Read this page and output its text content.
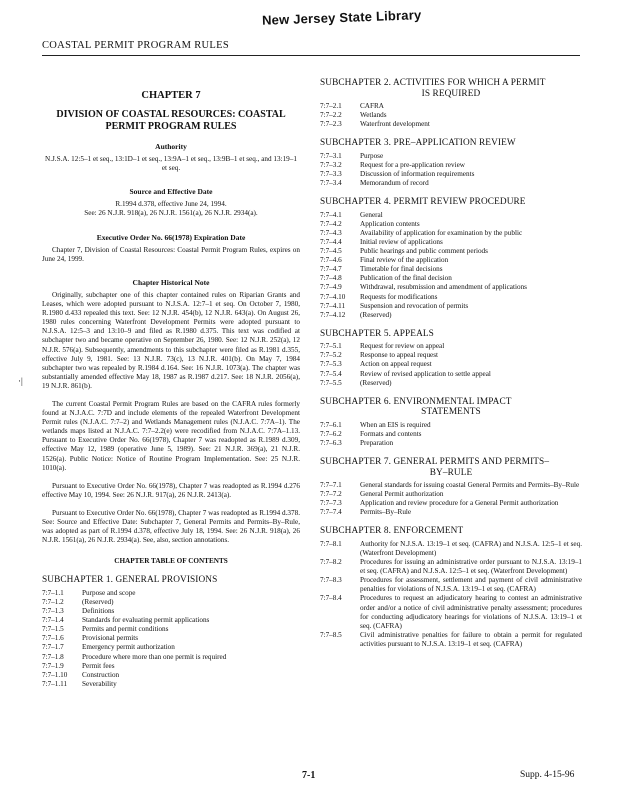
New Jersey State Library
COASTAL PERMIT PROGRAM RULES
·|
CHAPTER 7
DIVISION OF COASTAL RESOURCES: COASTAL PERMIT PROGRAM RULES
Authority
N.J.S.A. 12:5–1 et seq., 13:1D–1 et seq., 13:9A–1 et seq., 13:9B–1 et seq., and 13:19–1 et seq.
Source and Effective Date
R.1994 d.378, effective June 24, 1994.
See: 26 N.J.R. 918(a), 26 N.J.R. 1561(a), 26 N.J.R. 2934(a).
Executive Order No. 66(1978) Expiration Date

Chapter 7, Division of Coastal Resources: Coastal Permit Program Rules, expires on June 24, 1999.

Chapter Historical Note

Originally, subchapter one of this chapter contained rules on Riparian Grants and Leases, which were adopted pursuant to N.J.S.A. 12:7–1 et seq. On October 7, 1980, R.1980 d.433 repealed this text. See: 12 N.J.R. 454(b), 12 N.J.R. 643(a). On August 26, 1980 rules concerning Waterfront Development Permits were adopted pursuant to N.J.S.A. 12:5–3 and 13:10–9 and filed as R.1980 d.375. This text was codified at subchapter two and became operative on September 26, 1980. See: 12 N.J.R. 252(a), 12 N.J.R. 576(a). Subsequently, amendments to this subchapter were filed as R.1981 d.355, effective July 9, 1981. See: 13 N.J.R. 73(c), 13 N.J.R. 401(b). On May 7, 1984 subchapter two was repealed by R.1984 d.164. See: 16 N.J.R. 1073(a). The chapter was substantially amended effective May 18, 1987 as R.1987 d.217. See: 18 N.J.R. 2056(a), 19 N.J.R. 861(b).

The current Coastal Permit Program Rules are based on the CAFRA rules formerly found at N.J.A.C. 7:7D and include elements of the repealed Waterfront Development Permit rules (N.J.A.C. 7:7–2) and Wetlands Management rules (N.J.A.C. 7:7A–1). The wetlands maps listed at N.J.A.C. 7:7–2.2(e) were recodified from N.J.A.C. 7:7A–1.13. Pursuant to Executive Order No. 66(1978), Chapter 7 was readopted as R.1989 d.309, effective May 12, 1989 (operative June 5, 1989). See: 21 N.J.R. 369(a), 21 N.J.R. 1526(a). Public Notice: Notice of Routine Program Implementation. See: 25 N.J.R. 1010(a).

Pursuant to Executive Order No. 66(1978), Chapter 7 was readopted as R.1994 d.276 effective May 10, 1994. See: 26 N.J.R. 917(a), 26 N.J.R. 2413(a).

Pursuant to Executive Order No. 66(1978), Chapter 7 was readopted as R.1994 d.378. See: Source and Effective Date: Subchapter 7, General Permits and Permits–By–Rule, was adopted as part of R.1994 d.378, effective July 18, 1994. See: 26 N.J.R. 918(a), 26 N.J.R. 1561(a), 26 N.J.R. 2934(a). See, also, section annotations.

CHAPTER TABLE OF CONTENTS
SUBCHAPTER 1. GENERAL PROVISIONS
7:7–1.1	Purpose and scope
7:7–1.2	(Reserved)
7:7–1.3	Definitions
7:7–1.4	Standards for evaluating permit applications
7:7–1.5	Permits and permit conditions
7:7–1.6	Provisional permits
7:7–1.7	Emergency permit authorization
7:7–1.8	Procedure where more than one permit is required
7:7–1.9	Permit fees
7:7–1.10	Construction
7:7–1.11	Severability
SUBCHAPTER 2. ACTIVITIES FOR WHICH A PERMIT
IS REQUIRED
7:7–2.1	CAFRA
7:7–2.2	Wetlands
7:7–2.3	Waterfront development
SUBCHAPTER 3. PRE–APPLICATION REVIEW
7:7–3.1	Purpose
7:7–3.2	Request for a pre-application review
7:7–3.3	Discussion of information requirements
7:7–3.4	Memorandum of record
SUBCHAPTER 4. PERMIT REVIEW PROCEDURE
7:7–4.1	General
7:7–4.2	Application contents
7:7–4.3	Availability of application for examination by the public
7:7–4.4	Initial review of applications
7:7–4.5	Public hearings and public comment periods
7:7–4.6	Final review of the application
7:7–4.7	Timetable for final decisions
7:7–4.8	Publication of the final decision
7:7–4.9	Withdrawal, resubmission and amendment of applications
7:7–4.10	Requests for modifications
7:7–4.11	Suspension and revocation of permits
7:7–4.12	(Reserved)
SUBCHAPTER 5. APPEALS
7:7–5.1	Request for review on appeal
7:7–5.2	Response to appeal request
7:7–5.3	Action on appeal request
7:7–5.4	Review of revised application to settle appeal
7:7–5.5	(Reserved)
SUBCHAPTER 6. ENVIRONMENTAL IMPACT
STATEMENTS
7:7–6.1	When an EIS is required
7:7–6.2	Formats and contents
7:7–6.3	Preparation
SUBCHAPTER 7. GENERAL PERMITS AND PERMITS–
BY–RULE
7:7–7.1	General standards for issuing coastal General Permits and Permits–By–Rule
7:7–7.2	General Permit authorization
7:7–7.3	Application and review procedure for a General Permit authorization
7:7–7.4	Permits–By–Rule
SUBCHAPTER 8. ENFORCEMENT
7:7–8.1	Authority for N.J.S.A. 13:19–1 et seq. (CAFRA) and N.J.S.A. 12:5–1 et seq. (Waterfront Development)
7:7–8.2	Procedures for issuing an administrative order pursuant to N.J.S.A. 13:19–1 et seq. (CAFRA) and N.J.S.A. 12:5–1 et seq. (Waterfront Development)
7:7–8.3	Procedures for assessment, settlement and payment of civil administrative penalties for violations of N.J.S.A. 13:19–1 et seq. (CAFRA)
7:7–8.4	Procedures to request an adjudicatory hearing to contest an administrative order and/or a notice of civil administrative penalty assessment; procedures for conducting adjudicatory hearings for violations of N.J.S.A. 13:19–1 et seq. (CAFRA)
7:7–8.5	Civil administrative penalties for failure to obtain a permit for regulated activities pursuant to N.J.S.A. 13:19–1 et seq. (CAFRA)
7-1	Supp. 4-15-96
